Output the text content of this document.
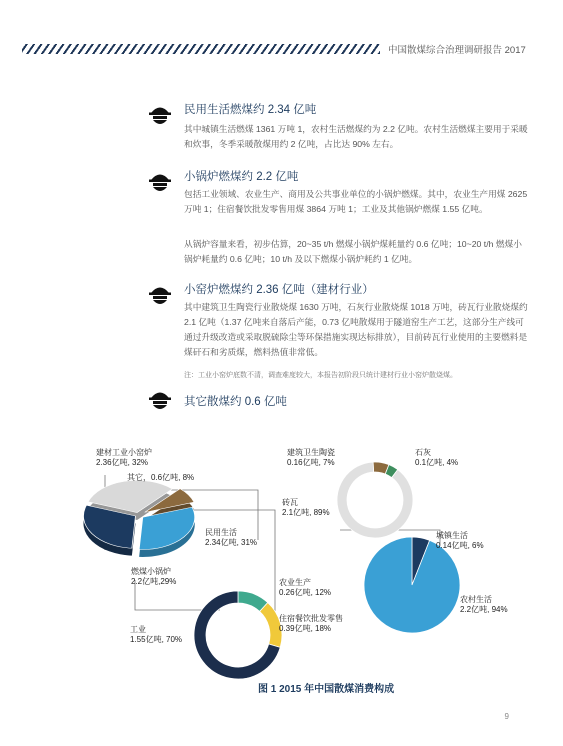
中国散煤综合治理调研报告 2017
民用生活燃煤约 2.34 亿吨
其中城镇生活燃煤 1361 万吨 1，农村生活燃煤约为 2.2 亿吨。农村生活燃煤主要用于采暖和炊事，冬季采暖散煤用约 2 亿吨，占比达 90% 左右。
小锅炉燃煤约 2.2 亿吨
包括工业领域、农业生产、商用及公共事业单位的小锅炉燃煤。其中，农业生产用煤 2625 万吨 1；住宿餐饮批发零售用煤 3864 万吨 1；工业及其他锅炉燃煤 1.55 亿吨。
从锅炉容量来看，初步估算，20~35 t/h 燃煤小锅炉煤耗量约 0.6 亿吨；10~20 t/h 燃煤小锅炉耗量约 0.6 亿吨；10 t/h 及以下燃煤小锅炉耗约 1 亿吨。
小窑炉燃煤约 2.36 亿吨（建材行业）
其中建筑卫生陶瓷行业散烧煤 1630 万吨，石灰行业散烧煤 1018 万吨，砖瓦行业散烧煤约 2.1 亿吨（1.37 亿吨来自落后产能，0.73 亿吨散煤用于隧道窑生产工艺，这部分生产线可通过升级改造或采取脱硫除尘等环保措施实现达标排放），目前砖瓦行业使用的主要燃料是煤矸石和劣质煤，燃料热值非常低。
注：工业小窑炉底数不清，调查难度较大，本报告初阶段只统计建材行业小窑炉散烧煤。
其它散煤约 0.6 亿吨
建材工业小窑炉
2.36亿吨, 32%
其它，0.6亿吨, 8%
民用生活
2.34亿吨, 31%
燃煤小锅炉
2.2亿吨,29%
建筑卫生陶瓷
0.16亿吨, 7%
石灰
0.1亿吨, 4%
砖瓦
2.1亿吨, 89%
城镇生活
0.14亿吨, 6%
农村生活
2.2亿吨, 94%
农业生产
0.26亿吨, 12%
住宿餐饮批发零售
0.39亿吨, 18%
工业
1.55亿吨, 70%
图 1 2015 年中国散煤消费构成
9
